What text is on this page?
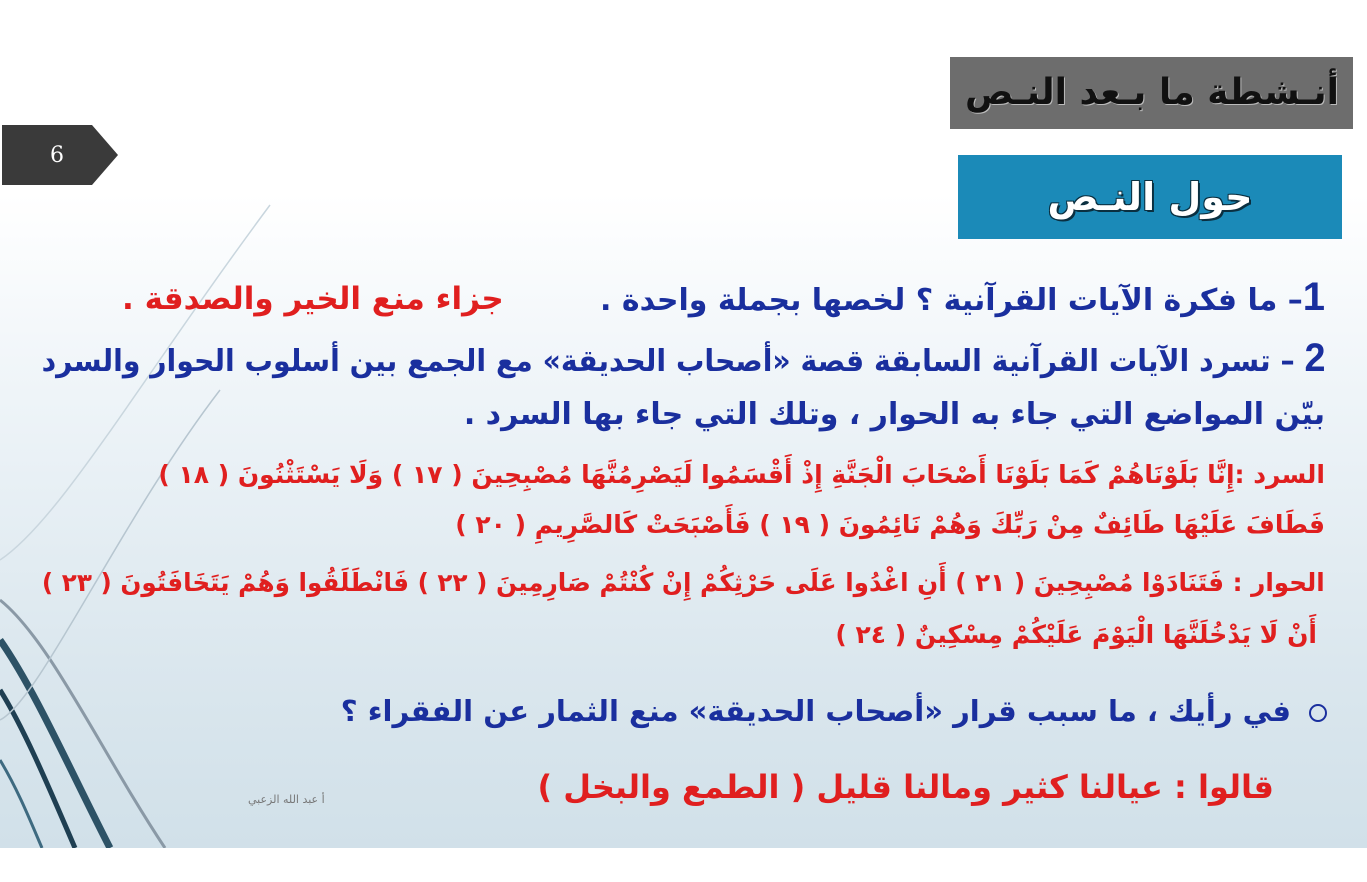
أنـشطة ما بـعد النـص
6
حول النـص
1– ما فكرة الآيات القرآنية ؟ لخصها بجملة واحدة .
جزاء منع الخير والصدقة .
2 – تسرد الآيات القرآنية السابقة قصة «أصحاب الحديقة» مع الجمع بين أسلوب الحوار والسرد
بيّن المواضع التي جاء به الحوار ، وتلك التي جاء بها السرد .
السرد :إِنَّا بَلَوْنَاهُمْ كَمَا بَلَوْنَا أَصْحَابَ الْجَنَّةِ إِذْ أَقْسَمُوا لَيَصْرِمُنَّهَا مُصْبِحِينَ ( ١٧ ) وَلَا يَسْتَثْنُونَ ( ١٨ )
فَطَافَ عَلَيْهَا طَائِفٌ مِنْ رَبِّكَ وَهُمْ نَائِمُونَ ( ١٩ ) فَأَصْبَحَتْ كَالصَّرِيمِ ( ٢٠ )
الحوار : فَتَنَادَوْا مُصْبِحِينَ ( ٢١ ) أَنِ اغْدُوا عَلَى حَرْثِكُمْ إِنْ كُنْتُمْ صَارِمِينَ ( ٢٢ ) فَانْطَلَقُوا وَهُمْ يَتَخَافَتُونَ ( ٢٣ )
أَنْ لَا يَدْخُلَنَّهَا الْيَوْمَ عَلَيْكُمْ مِسْكِينٌ ( ٢٤ )
في رأيك ، ما سبب قرار «أصحاب الحديقة» منع الثمار عن الفقراء ؟
قالوا : عيالنا كثير ومالنا قليل ( الطمع والبخل )
أ عبد الله الزعبي
